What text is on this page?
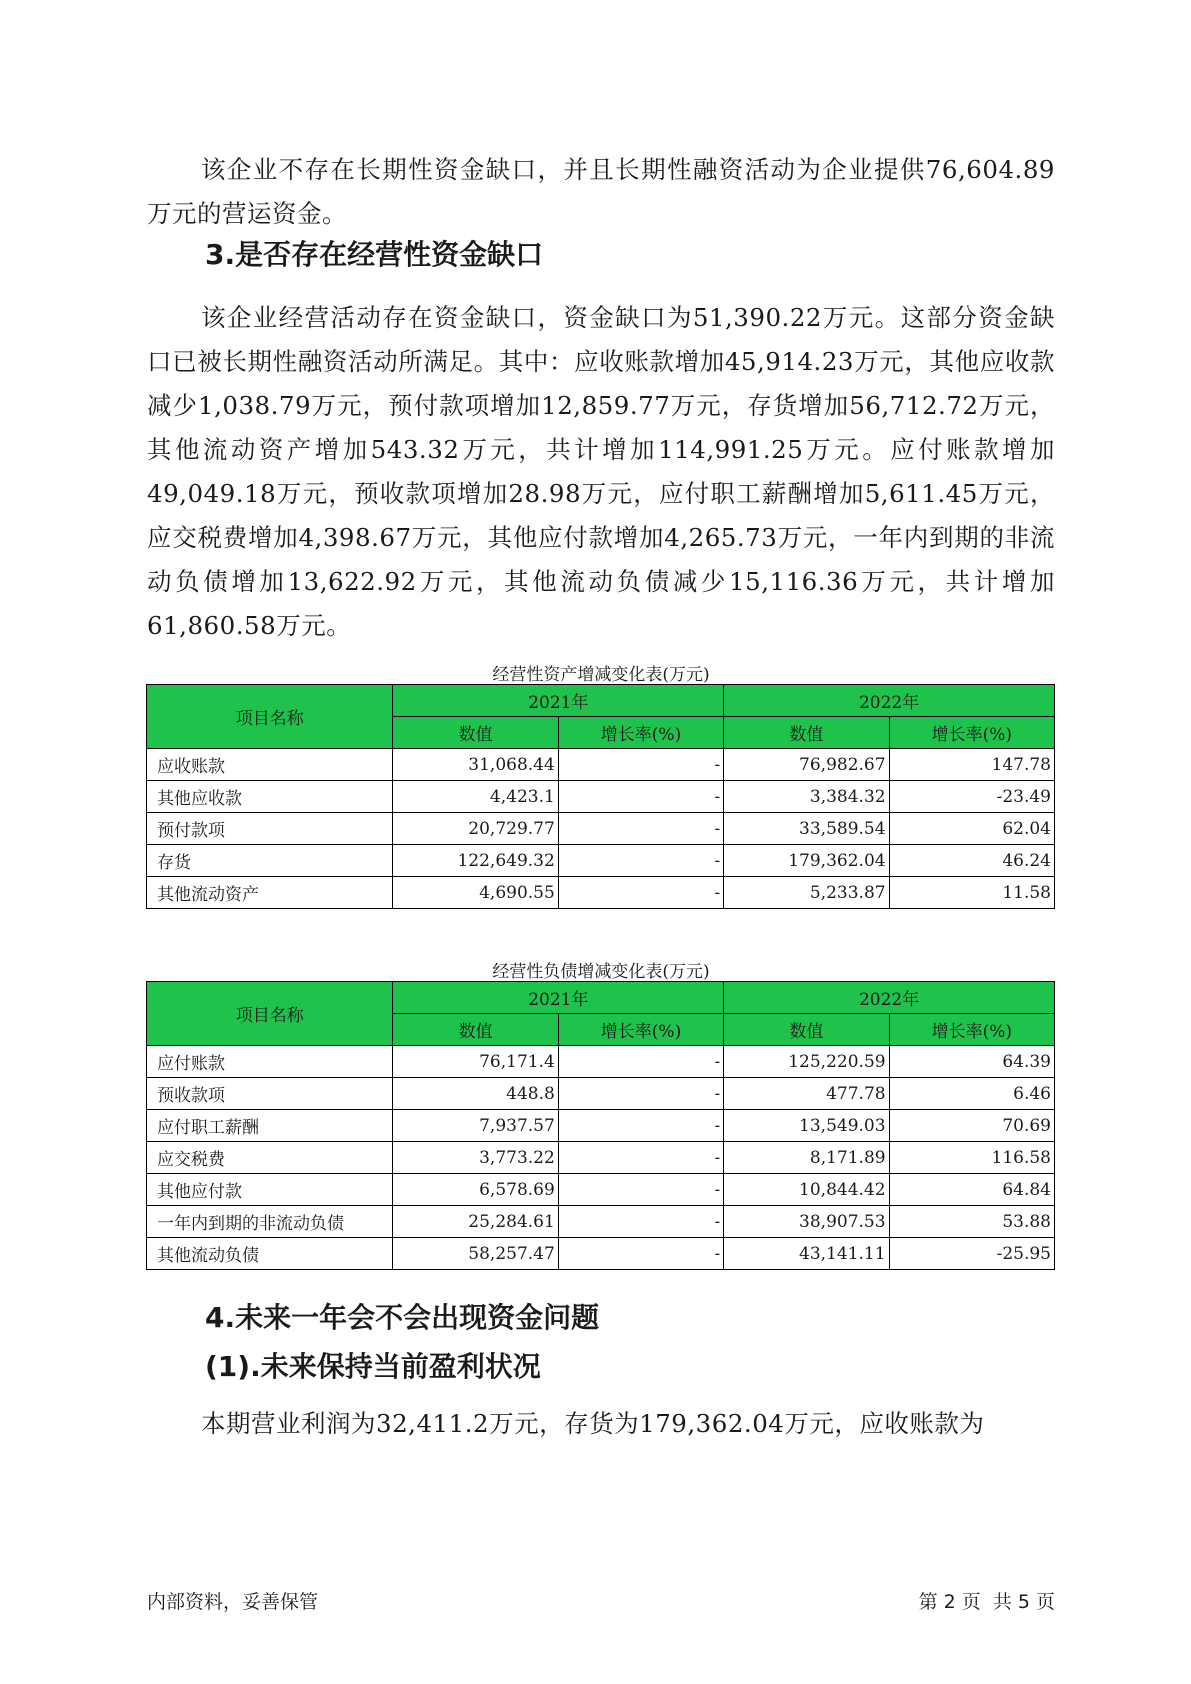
该企业不存在长期性资金缺口，并且长期性融资活动为企业提供76,604.89万元的营运资金。

3.是否存在经营性资金缺口

该企业经营活动存在资金缺口，资金缺口为51,390.22万元。这部分资金缺口已被长期性融资活动所满足。其中：应收账款增加45,914.23万元，其他应收款减少1,038.79万元，预付款项增加12,859.77万元，存货增加56,712.72万元，其他流动资产增加543.32万元，共计增加114,991.25万元。应付账款增加49,049.18万元，预收款项增加28.98万元，应付职工薪酬增加5,611.45万元，应交税费增加4,398.67万元，其他应付款增加4,265.73万元，一年内到期的非流动负债增加13,622.92万元，其他流动负债减少15,116.36万元，共计增加61,860.58万元。

经营性资产增减变化表(万元)

项目名称	2021年		2022年	
	数值	增长率(%)	数值	增长率(%)
应收账款	31,068.44	-	76,982.67	147.78
其他应收款	4,423.1	-	3,384.32	-23.49
预付款项	20,729.77	-	33,589.54	62.04
存货	122,649.32	-	179,362.04	46.24
其他流动资产	4,690.55	-	5,233.87	11.58

经营性负债增减变化表(万元)

项目名称	2021年		2022年	
	数值	增长率(%)	数值	增长率(%)
应付账款	76,171.4	-	125,220.59	64.39
预收款项	448.8	-	477.78	6.46
应付职工薪酬	7,937.57	-	13,549.03	70.69
应交税费	3,773.22	-	8,171.89	116.58
其他应付款	6,578.69	-	10,844.42	64.84
一年内到期的非流动负债	25,284.61	-	38,907.53	53.88
其他流动负债	58,257.47	-	43,141.11	-25.95
4.未来一年会不会出现资金问题
(1).未来保持当前盈利状况

本期营业利润为32,411.2万元，存货为179,362.04万元，应收账款为

内部资料，妥善保管	第 2 页  共 5 页
